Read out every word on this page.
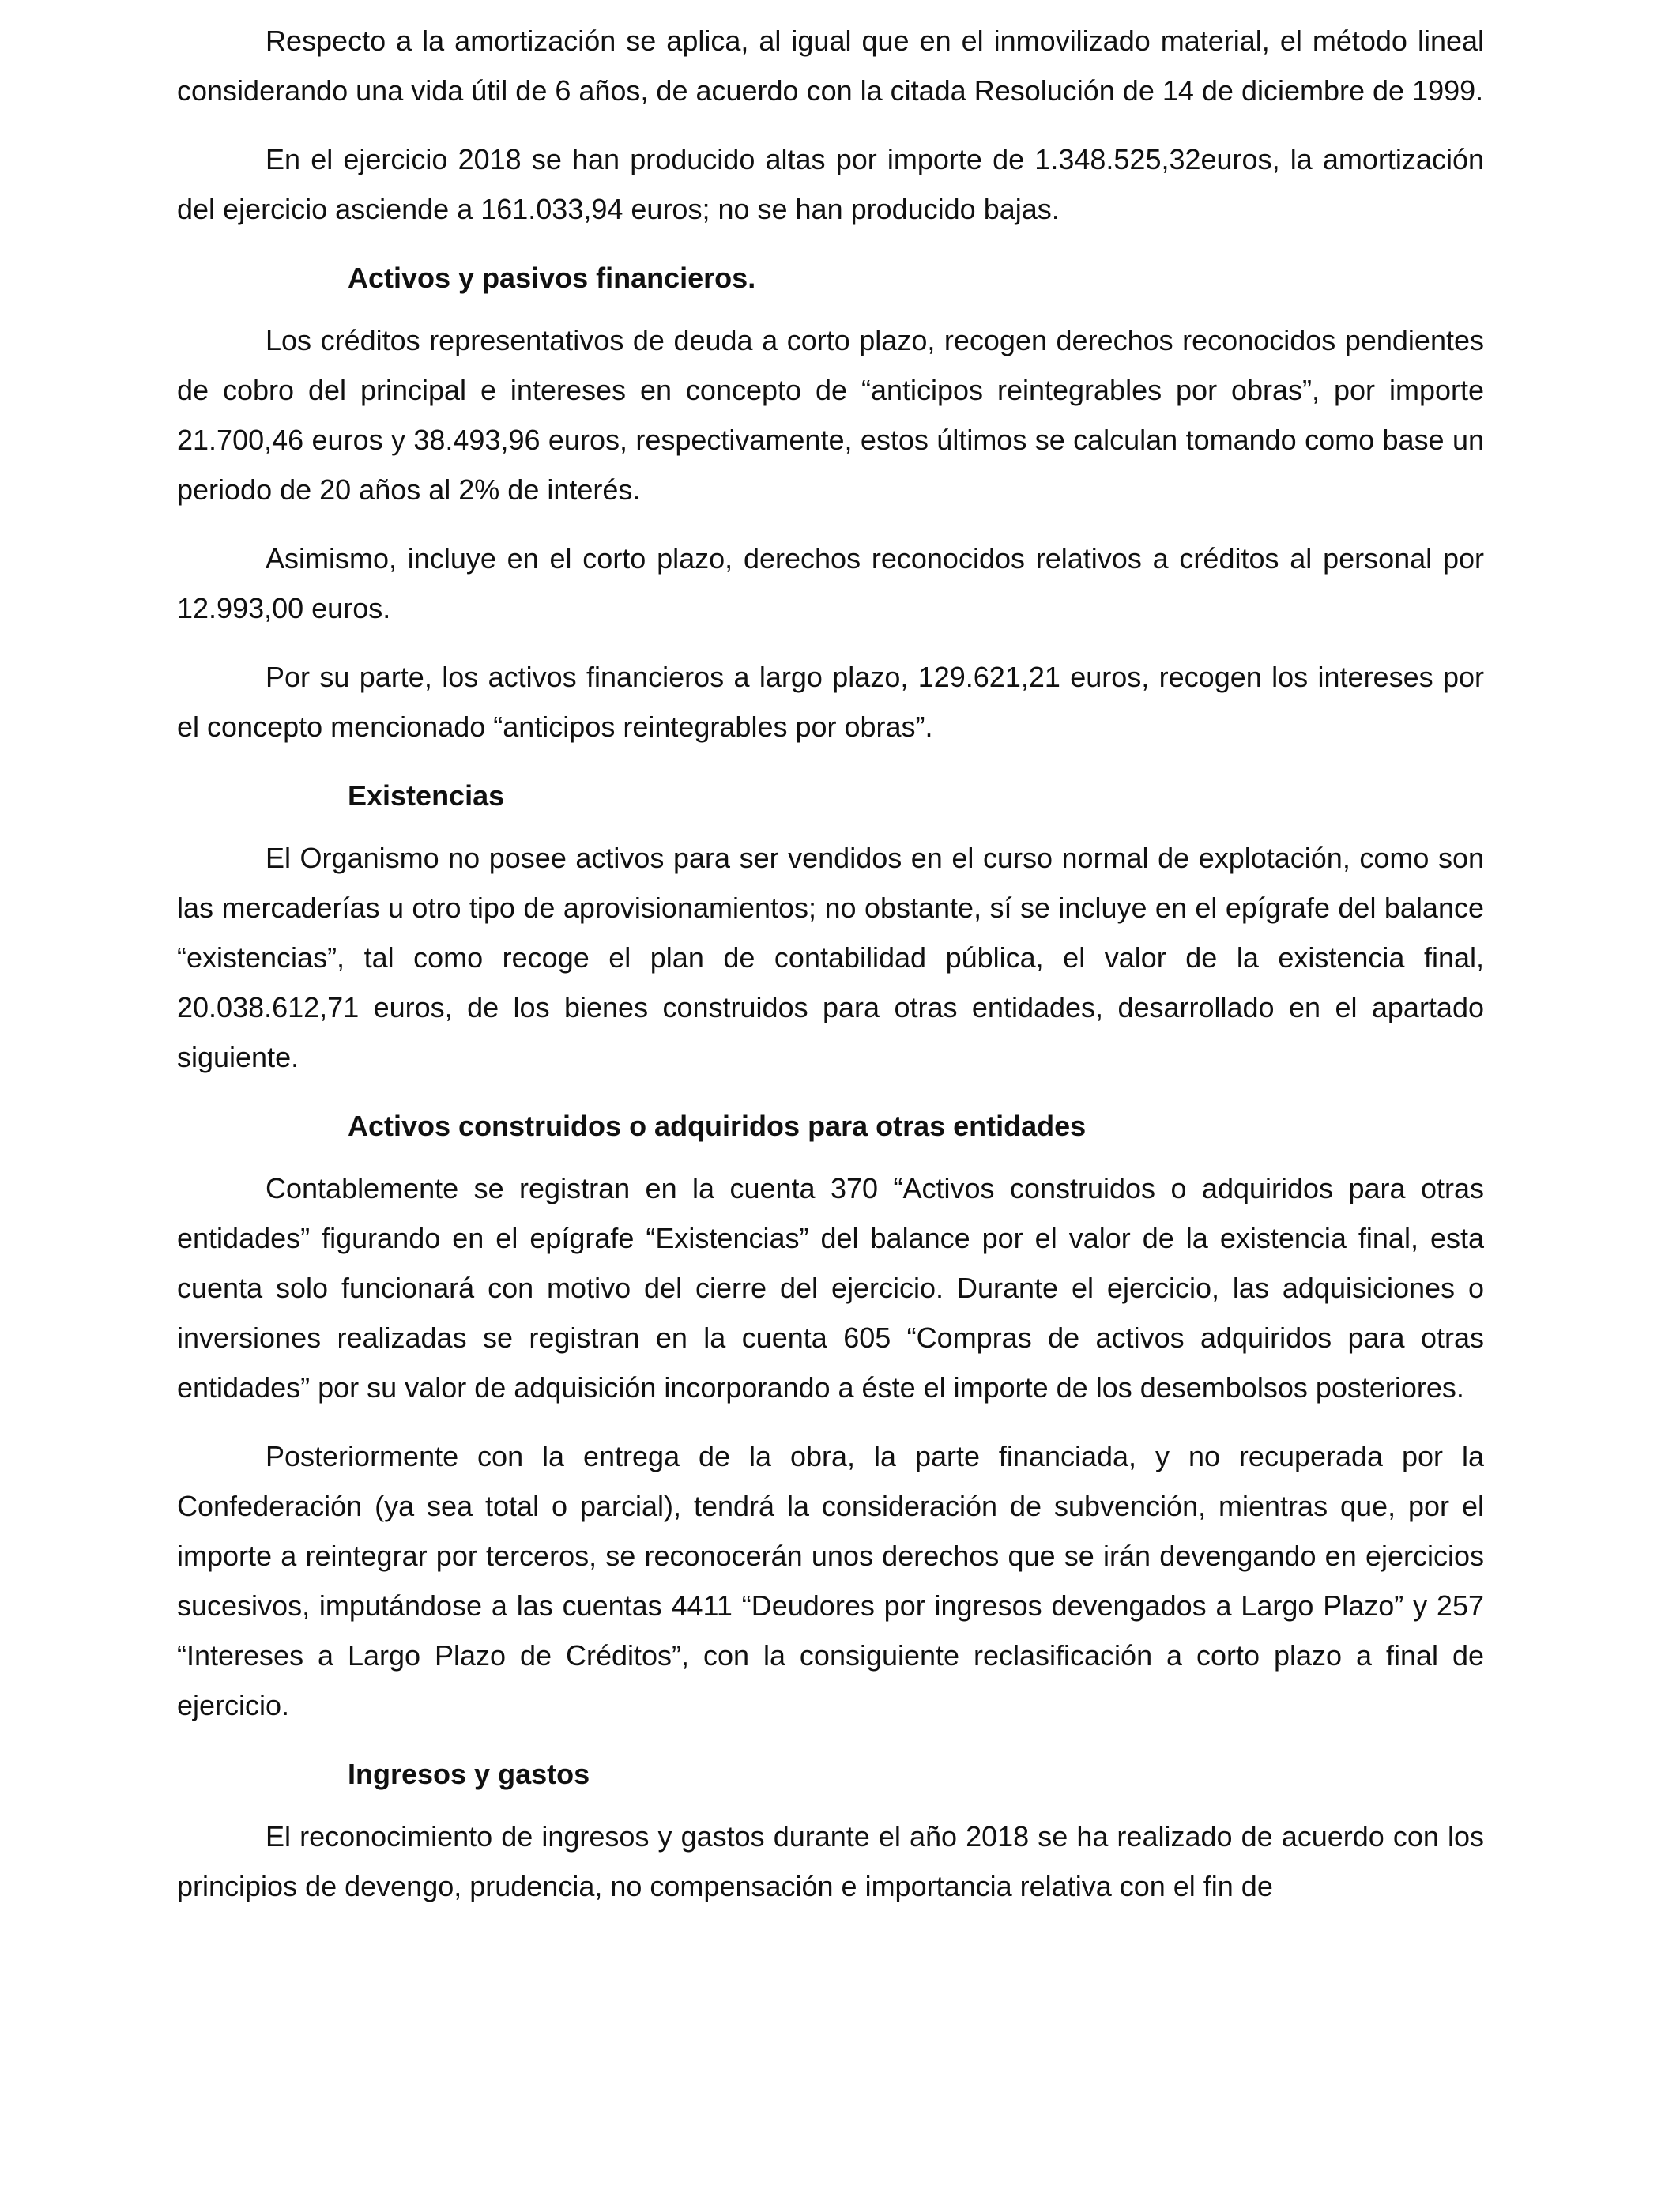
Respecto a la amortización se aplica, al igual que en el inmovilizado material, el método lineal considerando una vida útil de 6 años, de acuerdo con la citada Resolución de 14 de diciembre de 1999.

En el ejercicio 2018 se han producido altas por importe de 1.348.525,32euros, la amortización del ejercicio asciende a 161.033,94 euros; no se han producido bajas.

Activos y pasivos financieros.

Los créditos representativos de deuda a corto plazo, recogen derechos reconocidos pendientes de cobro del principal e intereses en concepto de “anticipos reintegrables por obras”, por importe 21.700,46 euros y 38.493,96 euros, respectivamente, estos últimos se calculan tomando como base un periodo de 20 años al 2% de interés.

Asimismo, incluye en el corto plazo, derechos reconocidos relativos a créditos al personal por 12.993,00 euros.

Por su parte, los activos financieros a largo plazo, 129.621,21 euros, recogen los intereses por el concepto mencionado “anticipos reintegrables por obras”.

Existencias

El Organismo no posee activos para ser vendidos en el curso normal de explotación, como son las mercaderías u otro tipo de aprovisionamientos; no obstante, sí se incluye en el epígrafe del balance “existencias”, tal como recoge el plan de contabilidad pública, el valor de la existencia final, 20.038.612,71 euros, de los bienes construidos para otras entidades, desarrollado en el apartado siguiente.

Activos construidos o adquiridos para otras entidades

Contablemente se registran en la cuenta 370 “Activos construidos o adquiridos para otras entidades” figurando en el epígrafe “Existencias” del balance por el valor de la existencia final, esta cuenta solo funcionará con motivo del cierre del ejercicio. Durante el ejercicio, las adquisiciones o inversiones realizadas se registran en la cuenta 605 “Compras de activos adquiridos para otras entidades” por su valor de adquisición incorporando a éste el importe de los desembolsos posteriores.

Posteriormente con la entrega de la obra, la parte financiada, y no recuperada por la Confederación (ya sea total o parcial), tendrá la consideración de subvención, mientras que, por el importe a reintegrar por terceros, se reconocerán unos derechos que se irán devengando en ejercicios sucesivos, imputándose a las cuentas 4411 “Deudores por ingresos devengados a Largo Plazo” y 257 “Intereses a Largo Plazo de Créditos”, con la consiguiente reclasificación a corto plazo a final de ejercicio.

Ingresos y gastos

El reconocimiento de ingresos y gastos durante el año 2018 se ha realizado de acuerdo con los principios de devengo, prudencia, no compensación e importancia relativa con el fin de
